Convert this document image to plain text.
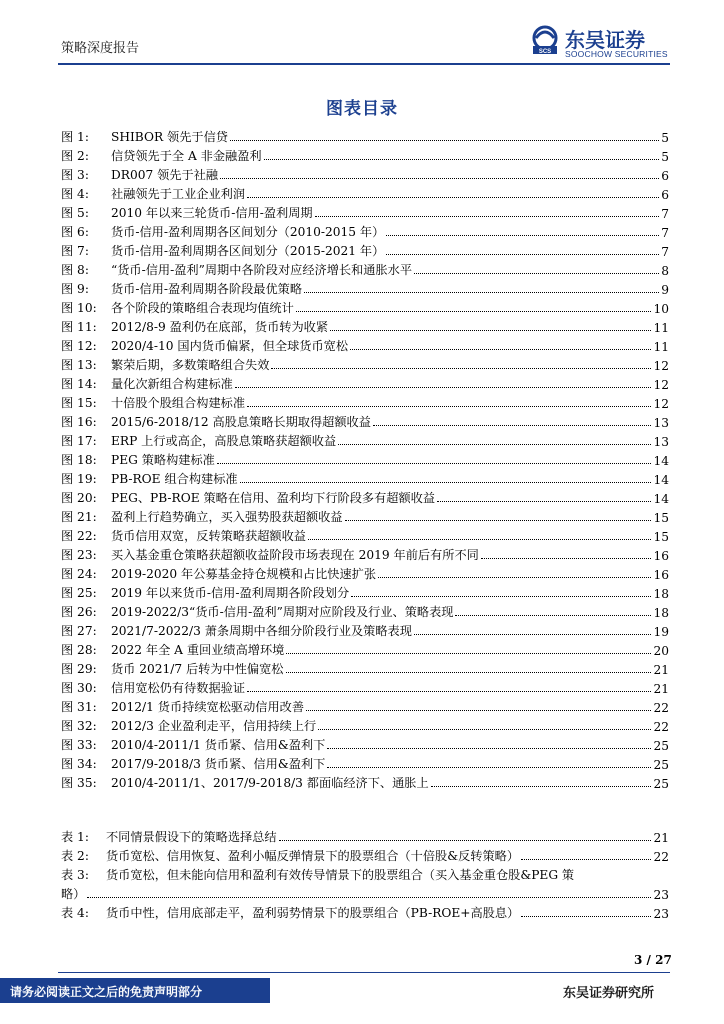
策略深度报告	SCS 东吴证券
SOOCHOW SECURITIES
图表目录
图 1:	SHIBOR 领先于信贷	5
图 2:	信贷领先于全 A 非金融盈利	5
图 3:	DR007 领先于社融	6
图 4:	社融领先于工业企业利润	6
图 5:	2010 年以来三轮货币-信用-盈利周期	7
图 6:	货币-信用-盈利周期各区间划分（2010-2015 年）	7
图 7:	货币-信用-盈利周期各区间划分（2015-2021 年）	7
图 8:	“货币-信用-盈利”周期中各阶段对应经济增长和通胀水平	8
图 9:	货币-信用-盈利周期各阶段最优策略	9
图 10:	各个阶段的策略组合表现均值统计	10
图 11:	2012/8-9 盈利仍在底部，货币转为收紧	11
图 12:	2020/4-10 国内货币偏紧，但全球货币宽松	11
图 13:	繁荣后期，多数策略组合失效	12
图 14:	量化次新组合构建标准	12
图 15:	十倍股个股组合构建标准	12
图 16:	2015/6-2018/12 高股息策略长期取得超额收益	13
图 17:	ERP 上行或高企，高股息策略获超额收益	13
图 18:	PEG 策略构建标准	14
图 19:	PB-ROE 组合构建标准	14
图 20:	PEG、PB-ROE 策略在信用、盈利均下行阶段多有超额收益	14
图 21:	盈利上行趋势确立，买入强势股获超额收益	15
图 22:	货币信用双宽，反转策略获超额收益	15
图 23:	买入基金重仓策略获超额收益阶段市场表现在 2019 年前后有所不同	16
图 24:	2019-2020 年公募基金持仓规模和占比快速扩张	16
图 25:	2019 年以来货币-信用-盈利周期各阶段划分	18
图 26:	2019-2022/3“货币-信用-盈利”周期对应阶段及行业、策略表现	18
图 27:	2021/7-2022/3 萧条周期中各细分阶段行业及策略表现	19
图 28:	2022 年全 A 重回业绩高增环境	20
图 29:	货币 2021/7 后转为中性偏宽松	21
图 30:	信用宽松仍有待数据验证	21
图 31:	2012/1 货币持续宽松驱动信用改善	22
图 32:	2012/3 企业盈利走平，信用持续上行	22
图 33:	2010/4-2011/1 货币紧、信用&盈利下	25
图 34:	2017/9-2018/3 货币紧、信用&盈利下	25
图 35:	2010/4-2011/1、2017/9-2018/3 都面临经济下、通胀上	25
表 1:	不同情景假设下的策略选择总结	21
表 2:	货币宽松、信用恢复、盈利小幅反弹情景下的股票组合（十倍股&反转策略）	22
表 3:	货币宽松，但未能向信用和盈利有效传导情景下的股票组合（买入基金重仓股&PEG 策
略）	23
表 4:	货币中性，信用底部走平，盈利弱势情景下的股票组合（PB-ROE+高股息）	23
3 / 27
请务必阅读正文之后的免责声明部分	东吴证券研究所
